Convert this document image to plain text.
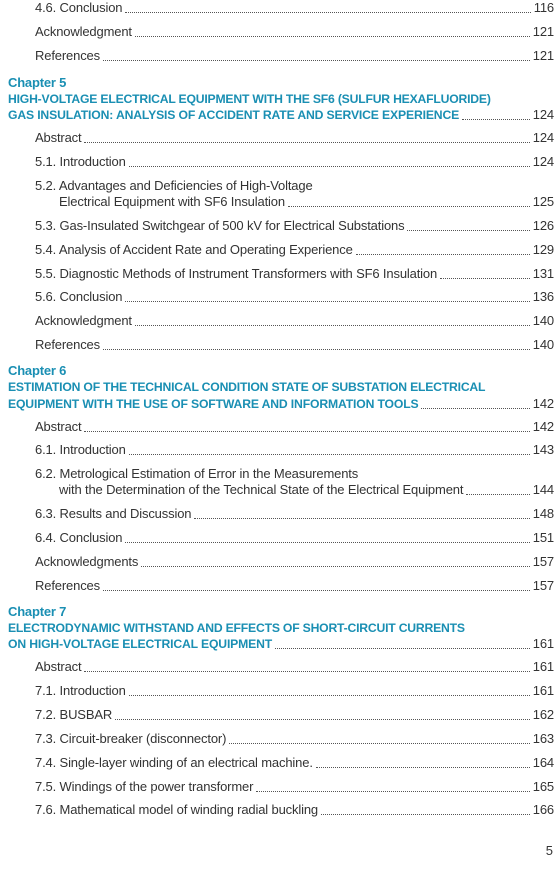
4.6. Conclusion	116
Acknowledgment	121
References	121
Chapter 5
HIGH-VOLTAGE ELECTRICAL EQUIPMENT WITH THE SF6 (SULFUR HEXAFLUORIDE)
GAS INSULATION: ANALYSIS OF ACCIDENT RATE AND SERVICE EXPERIENCE	124
Abstract	124
5.1. Introduction	124
5.2. Advantages and Deficiencies of High-Voltage
Electrical Equipment with SF6 Insulation	125
5.3. Gas-Insulated Switchgear of 500 kV for Electrical Substations	126
5.4. Analysis of Accident Rate and Operating Experience	129
5.5. Diagnostic Methods of Instrument Transformers with SF6 Insulation	131
5.6. Conclusion	136
Acknowledgment	140
References	140
Chapter 6
ESTIMATION OF THE TECHNICAL CONDITION STATE OF SUBSTATION ELECTRICAL
EQUIPMENT WITH THE USE OF SOFTWARE AND INFORMATION TOOLS	142
Abstract	142
6.1. Introduction	143
6.2. Metrological Estimation of Error in the Measurements
with the Determination of the Technical State of the Electrical Equipment	144
6.3. Results and Discussion	148
6.4. Conclusion	151
Acknowledgments	157
References	157
Chapter 7
ELECTRODYNAMIC WITHSTAND AND EFFECTS OF SHORT-CIRCUIT CURRENTS
ON HIGH-VOLTAGE ELECTRICAL EQUIPMENT	161
Abstract	161
7.1. Introduction	161
7.2. BUSBAR	162
7.3. Circuit-breaker (disconnector)	163
7.4. Single-layer winding of an electrical machine.	164
7.5. Windings of the power transformer	165
7.6. Mathematical model of winding radial buckling	166
5
